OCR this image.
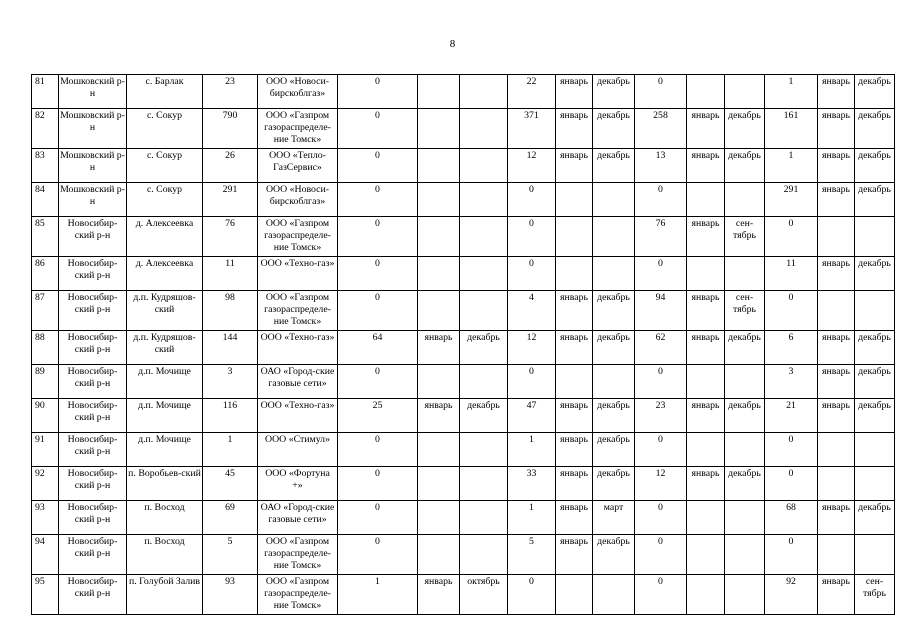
8
81	Мошковский р-н	с. Барлак	23	ООО «Новоси-бирскоблгаз»	0			22	январь	декабрь	0			1	январь	декабрь
82	Мошковский р-н	с. Сокур	790	ООО «Газпром газораспределе-ние Томск»	0			371	январь	декабрь	258	январь	декабрь	161	январь	декабрь
83	Мошковский р-н	с. Сокур	26	ООО «Тепло-ГазСервис»	0			12	январь	декабрь	13	январь	декабрь	1	январь	декабрь
84	Мошковский р-н	с. Сокур	291	ООО «Новоси-бирскоблгаз»	0			0			0			291	январь	декабрь
85	Новосибир-ский р-н	д. Алексеевка	76	ООО «Газпром газораспределе-ние Томск»	0			0			76	январь	сен-тябрь	0		
86	Новосибир-ский р-н	д. Алексеевка	11	ООО «Техно-газ»	0			0			0			11	январь	декабрь
87	Новосибир-ский р-н	д.п. Кудряшов-ский	98	ООО «Газпром газораспределе-ние Томск»	0			4	январь	декабрь	94	январь	сен-тябрь	0		
88	Новосибир-ский р-н	д.п. Кудряшов-ский	144	ООО «Техно-газ»	64	январь	декабрь	12	январь	декабрь	62	январь	декабрь	6	январь	декабрь
89	Новосибир-ский р-н	д.п. Мочище	3	ОАО «Город-ские газовые сети»	0			0			0			3	январь	декабрь
90	Новосибир-ский р-н	д.п. Мочище	116	ООО «Техно-газ»	25	январь	декабрь	47	январь	декабрь	23	январь	декабрь	21	январь	декабрь
91	Новосибир-ский р-н	д.п. Мочище	1	ООО «Стимул»	0			1	январь	декабрь	0			0		
92	Новосибир-ский р-н	п. Воробьев-ский	45	ООО «Фортуна +»	0			33	январь	декабрь	12	январь	декабрь	0		
93	Новосибир-ский р-н	п. Восход	69	ОАО «Город-ские газовые сети»	0			1	январь	март	0			68	январь	декабрь
94	Новосибир-ский р-н	п. Восход	5	ООО «Газпром газораспределе-ние Томск»	0			5	январь	декабрь	0			0		
95	Новосибир-ский р-н	п. Голубой Залив	93	ООО «Газпром газораспределе-ние Томск»	1	январь	октябрь	0			0			92	январь	сен-тябрь
